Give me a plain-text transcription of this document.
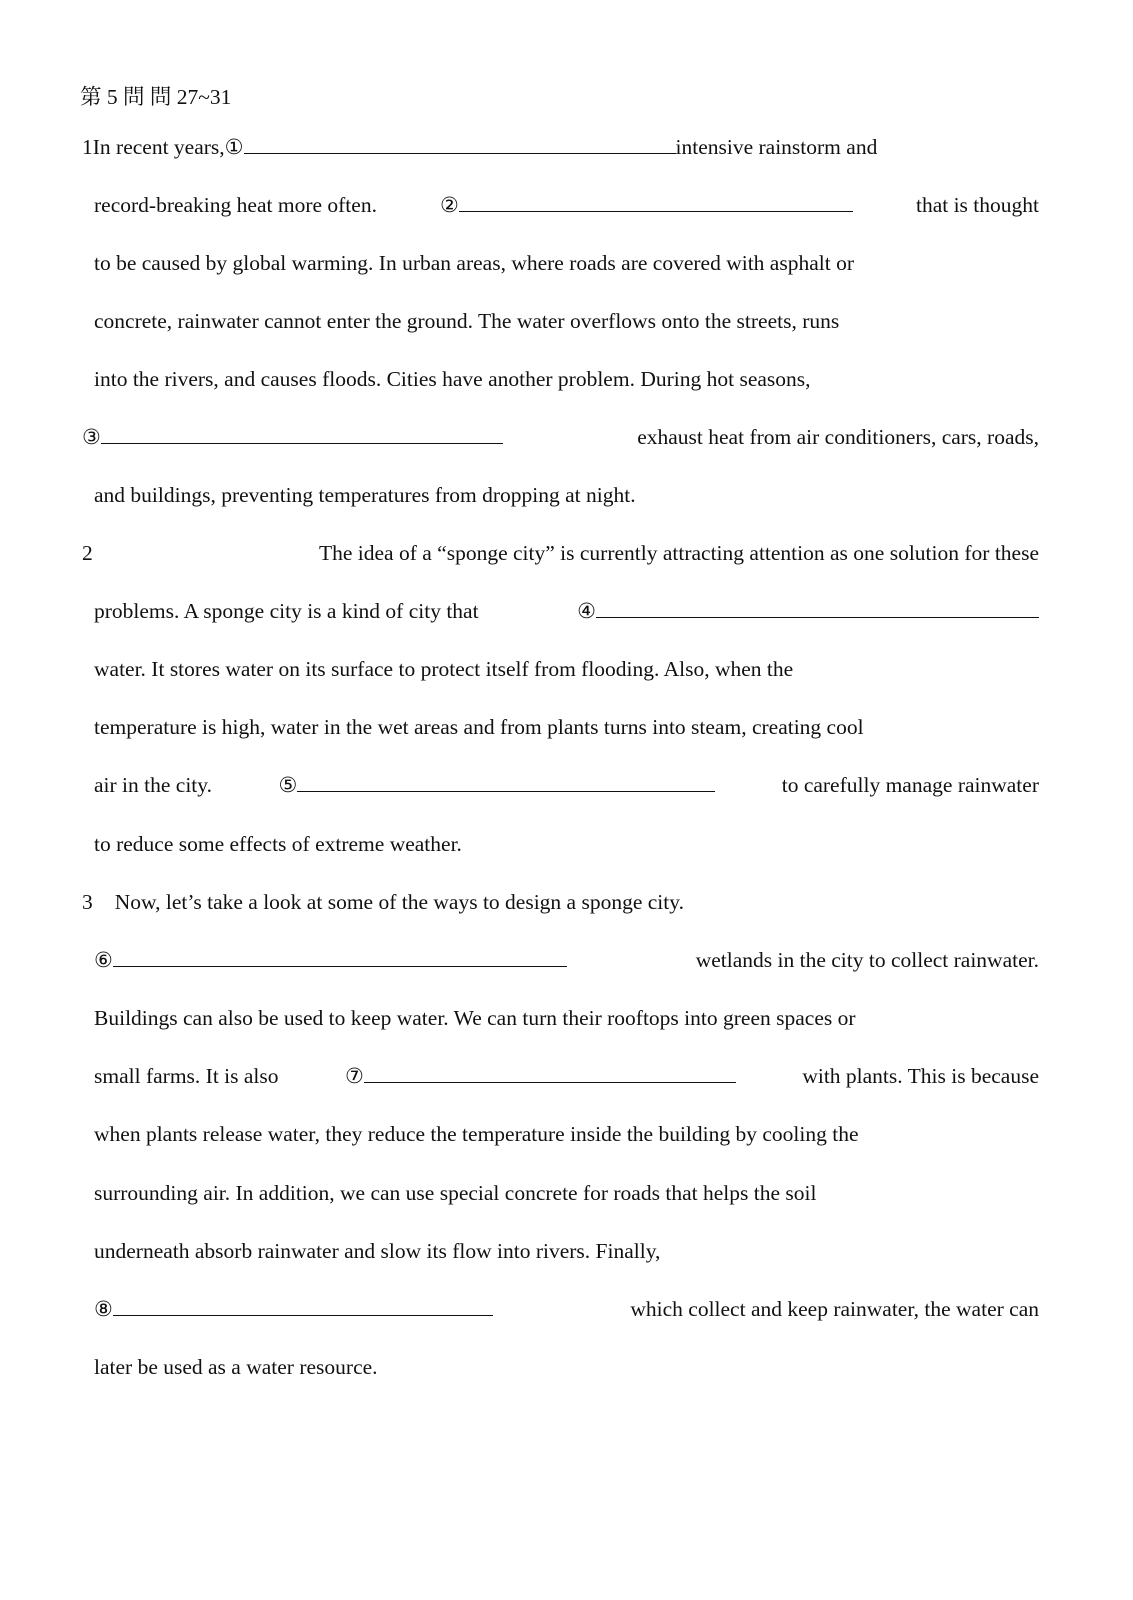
第 5 問 問 27~31
1 In recent years, ①	intensive rainstorm and
record-breaking heat more often.	②	that is thought
to be caused by global warming. In urban areas, where roads are covered with asphalt or
concrete, rainwater cannot enter the ground. The water overflows onto the streets, runs
into the rivers, and causes floods. Cities have another problem. During hot seasons,
③	exhaust heat from air conditioners, cars, roads,
and buildings, preventing temperatures from dropping at night.
2	The idea of a “sponge city” is currently attracting attention as one solution for these
problems. A sponge city is a kind of city that	④
water. It stores water on its surface to protect itself from flooding. Also, when the
temperature is high, water in the wet areas and from plants turns into steam, creating cool
air in the city.	⑤	to carefully manage rainwater
to reduce some effects of extreme weather.
3 Now, let’s take a look at some of the ways to design a sponge city.
⑥	wetlands in the city to collect rainwater.
Buildings can also be used to keep water. We can turn their rooftops into green spaces or
small farms. It is also	⑦	with plants. This is because
when plants release water, they reduce the temperature inside the building by cooling the
surrounding air. In addition, we can use special concrete for roads that helps the soil
underneath absorb rainwater and slow its flow into rivers. Finally,
⑧	which collect and keep rainwater, the water can
later be used as a water resource.
